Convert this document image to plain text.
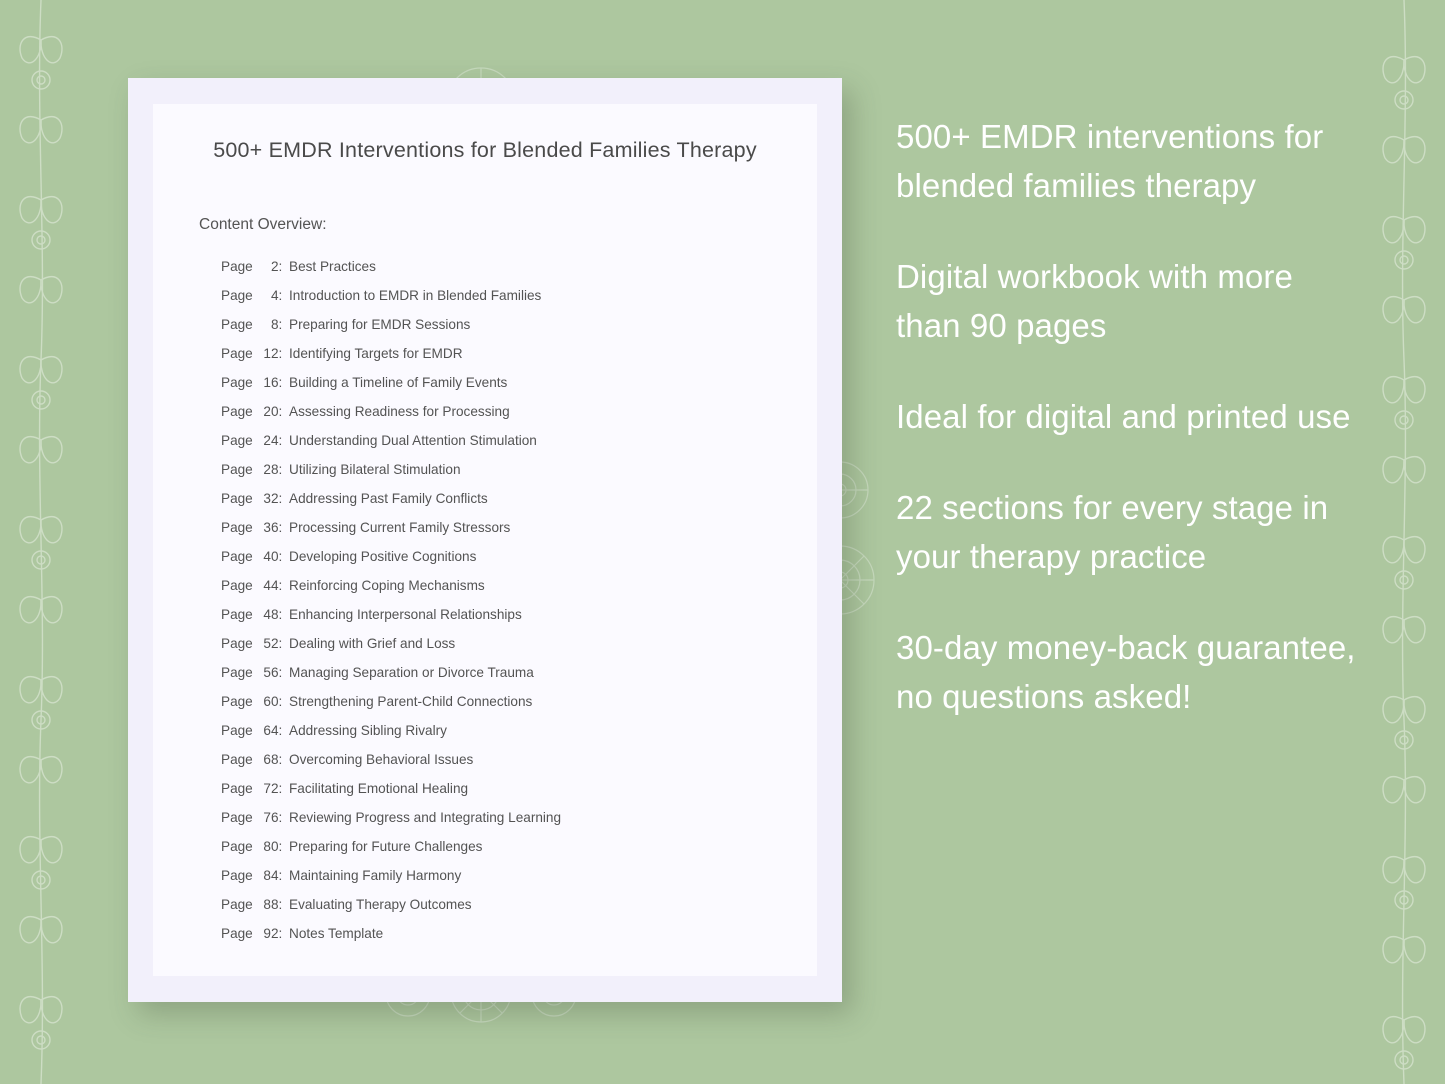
500+ EMDR Interventions for Blended Families Therapy
Content Overview:
Page 2: Best Practices
Page 4: Introduction to EMDR in Blended Families
Page 8: Preparing for EMDR Sessions
Page 12: Identifying Targets for EMDR
Page 16: Building a Timeline of Family Events
Page 20: Assessing Readiness for Processing
Page 24: Understanding Dual Attention Stimulation
Page 28: Utilizing Bilateral Stimulation
Page 32: Addressing Past Family Conflicts
Page 36: Processing Current Family Stressors
Page 40: Developing Positive Cognitions
Page 44: Reinforcing Coping Mechanisms
Page 48: Enhancing Interpersonal Relationships
Page 52: Dealing with Grief and Loss
Page 56: Managing Separation or Divorce Trauma
Page 60: Strengthening Parent-Child Connections
Page 64: Addressing Sibling Rivalry
Page 68: Overcoming Behavioral Issues
Page 72: Facilitating Emotional Healing
Page 76: Reviewing Progress and Integrating Learning
Page 80: Preparing for Future Challenges
Page 84: Maintaining Family Harmony
Page 88: Evaluating Therapy Outcomes
Page 92: Notes Template

500+ EMDR interventions for blended families therapy

Digital workbook with more than 90 pages

Ideal for digital and printed use

22 sections for every stage in your therapy practice

30-day money-back guarantee, no questions asked!
